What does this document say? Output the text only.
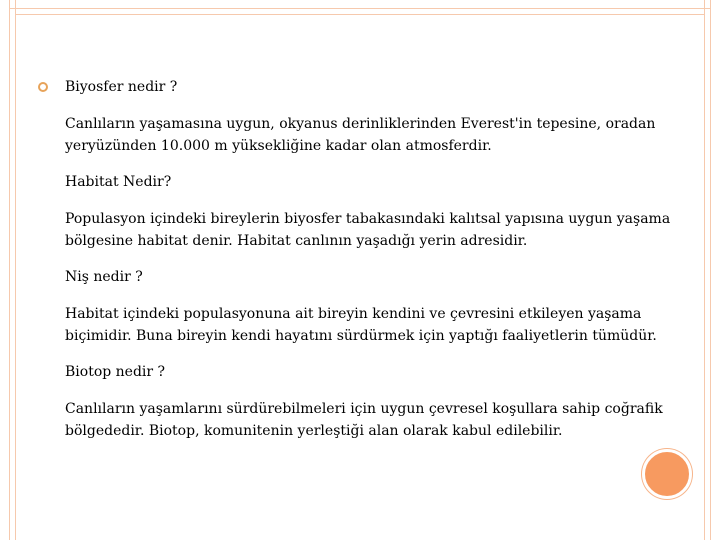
Biyosfer nedir ?

Canlıların yaşamasına uygun, okyanus derinliklerinden Everest'in tepesine, oradan

yeryüzünden 10.000 m yüksekliğine kadar olan atmosferdir.

Habitat Nedir?

Populasyon içindeki bireylerin biyosfer tabakasındaki kalıtsal yapısına uygun yaşama

bölgesine habitat denir. Habitat canlının yaşadığı yerin adresidir.

Niş nedir ?

Habitat içindeki populasyonuna ait bireyin kendini ve çevresini etkileyen yaşama

biçimidir. Buna bireyin kendi hayatını sürdürmek için yaptığı faaliyetlerin tümüdür.

Biotop nedir ?

Canlıların yaşamlarını sürdürebilmeleri için uygun çevresel koşullara sahip coğrafik

bölgededir. Biotop, komunitenin yerleştiği alan olarak kabul edilebilir.
